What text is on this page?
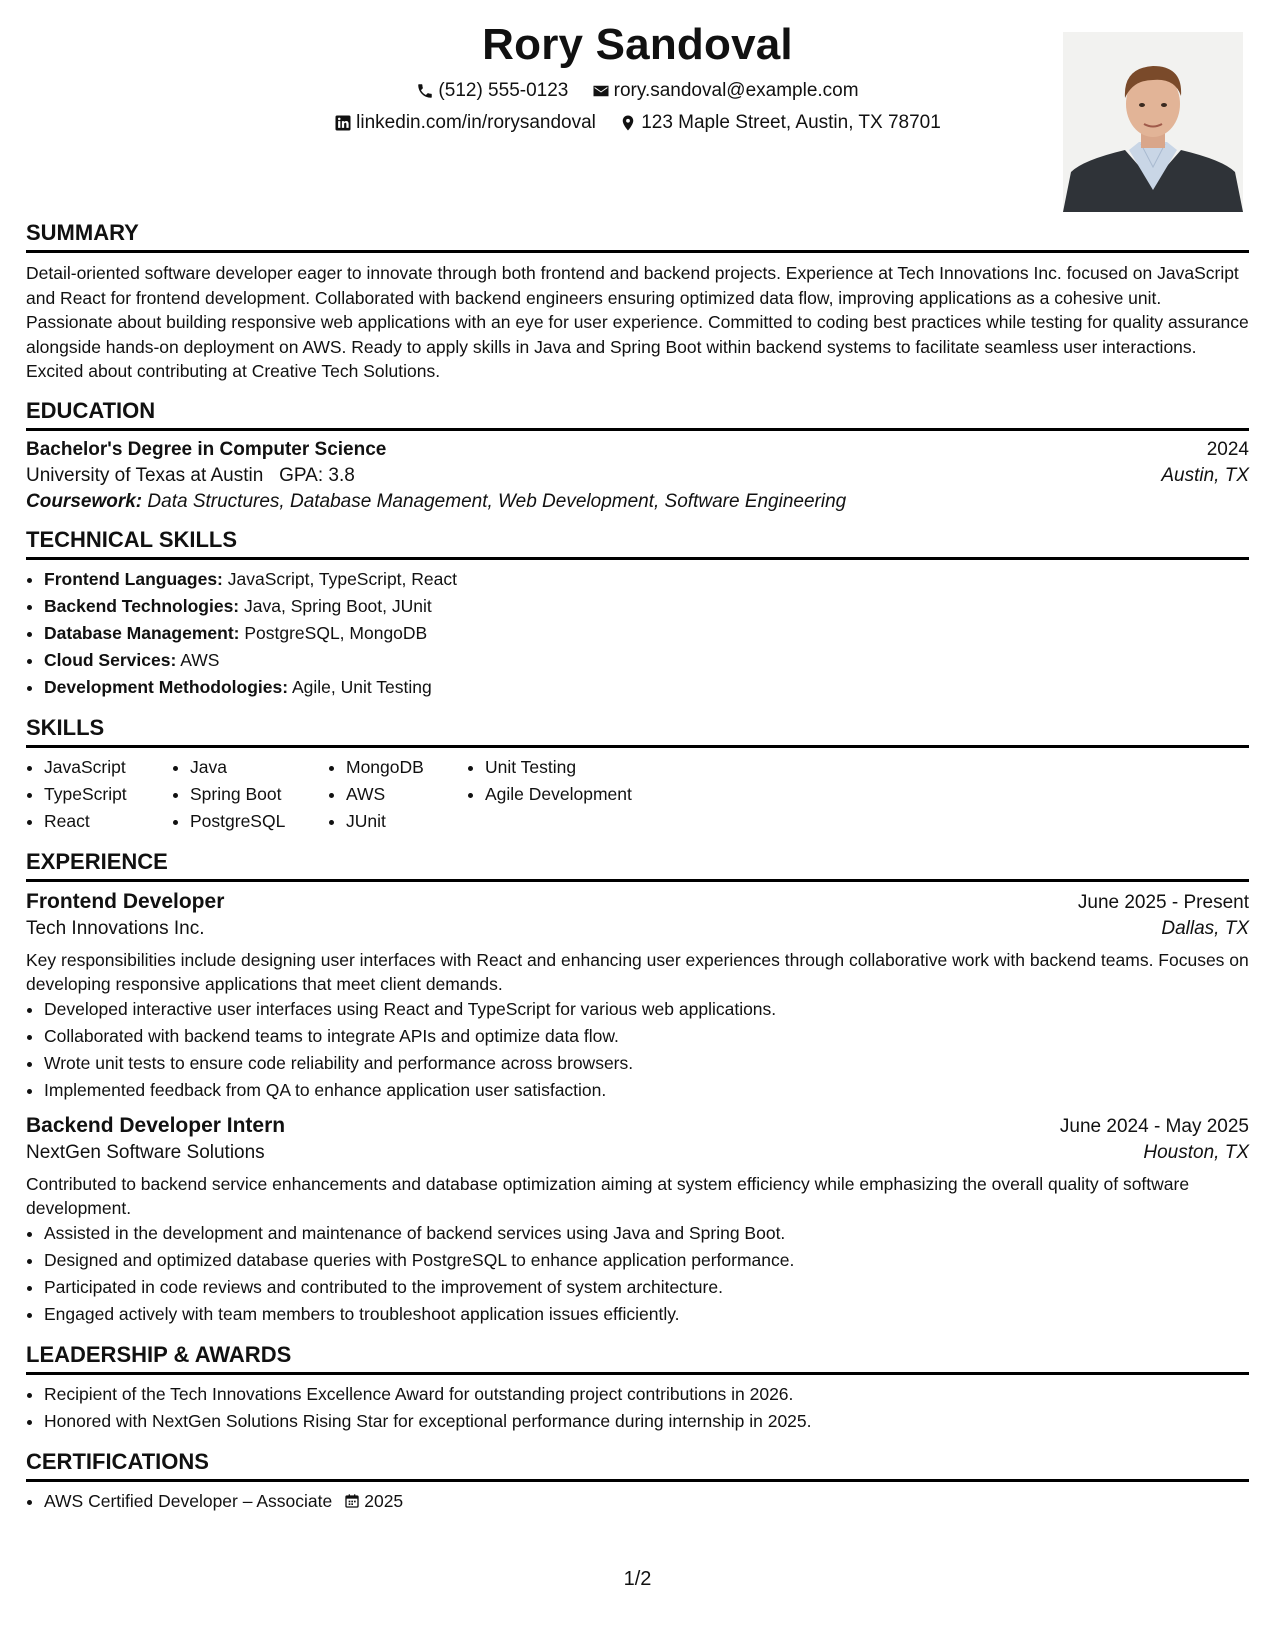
Rory Sandoval
(512) 555-0123
rory.sandoval@example.com
linkedin.com/in/rorysandoval
123 Maple Street, Austin, TX 78701
SUMMARY

Detail-oriented software developer eager to innovate through both frontend and backend projects. Experience at Tech Innovations Inc. focused on JavaScript and React for frontend development. Collaborated with backend engineers ensuring optimized data flow, improving applications as a cohesive unit. Passionate about building responsive web applications with an eye for user experience. Committed to coding best practices while testing for quality assurance alongside hands-on deployment on AWS. Ready to apply skills in Java and Spring Boot within backend systems to facilitate seamless user interactions. Excited about contributing at Creative Tech Solutions.

EDUCATION
Bachelor's Degree in Computer Science	2024
University of Texas at Austin GPA: 3.8	Austin, TX
Coursework: Data Structures, Database Management, Web Development, Software Engineering
TECHNICAL SKILLS
• Frontend Languages: JavaScript, TypeScript, React
• Backend Technologies: Java, Spring Boot, JUnit
• Database Management: PostgreSQL, MongoDB
• Cloud Services: AWS
• Development Methodologies: Agile, Unit Testing
SKILLS
• JavaScript
• TypeScript
• React
• Java
• Spring Boot
• PostgreSQL
• MongoDB
• AWS
• JUnit
• Unit Testing
• Agile Development
EXPERIENCE
Frontend Developer	June 2025 - Present
Tech Innovations Inc.	Dallas, TX

Key responsibilities include designing user interfaces with React and enhancing user experiences through collaborative work with backend teams. Focuses on developing responsive applications that meet client demands.

• Developed interactive user interfaces using React and TypeScript for various web applications.
• Collaborated with backend teams to integrate APIs and optimize data flow.
• Wrote unit tests to ensure code reliability and performance across browsers.
• Implemented feedback from QA to enhance application user satisfaction.
Backend Developer Intern	June 2024 - May 2025
NextGen Software Solutions	Houston, TX

Contributed to backend service enhancements and database optimization aiming at system efficiency while emphasizing the overall quality of software development.

• Assisted in the development and maintenance of backend services using Java and Spring Boot.
• Designed and optimized database queries with PostgreSQL to enhance application performance.
• Participated in code reviews and contributed to the improvement of system architecture.
• Engaged actively with team members to troubleshoot application issues efficiently.
LEADERSHIP & AWARDS
• Recipient of the Tech Innovations Excellence Award for outstanding project contributions in 2026.
• Honored with NextGen Solutions Rising Star for exceptional performance during internship in 2025.
CERTIFICATIONS
• AWS Certified Developer – Associate 2025
1/2
